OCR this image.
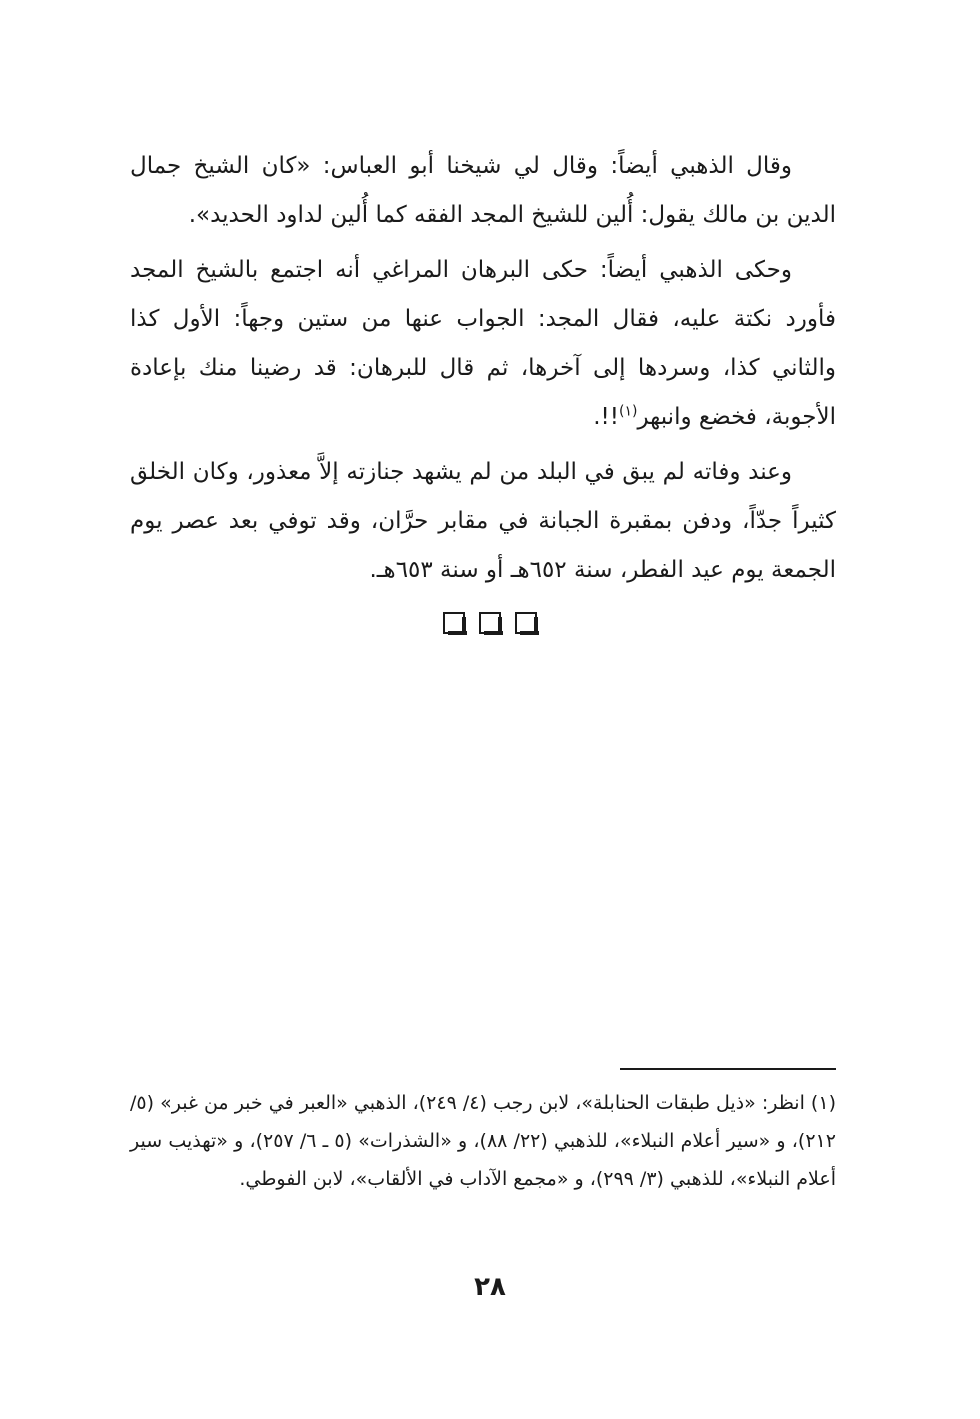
وقال الذهبي أيضاً: وقال لي شيخنا أبو العباس: «كان الشيخ جمال الدين بن مالك يقول: أُلين للشيخ المجد الفقه كما أُلين لداود الحديد».

وحكى الذهبي أيضاً: حكى البرهان المراغي أنه اجتمع بالشيخ المجد فأورد نكتة عليه، فقال المجد: الجواب عنها من ستين وجهاً: الأول كذا والثاني كذا، وسردها إلى آخرها، ثم قال للبرهان: قد رضينا منك بإعادة الأجوبة، فخضع وانبهر$^{(١)}$!!.

وعند وفاته لم يبق في البلد من لم يشهد جنازته إلاَّ معذور، وكان الخلق كثيراً جدّاً، ودفن بمقبرة الجبانة في مقابر حرَّان، وقد توفي بعد عصر يوم الجمعة يوم عيد الفطر، سنة ٦٥٢هـ أو سنة ٦٥٣هـ.

(١) انظر: «ذيل طبقات الحنابلة»، لابن رجب (٤/ ٢٤٩)، الذهبي «العبر في خبر من غبر» (٥/ ٢١٢)، و «سير أعلام النبلاء»، للذهبي (٢٢/ ٨٨)، و «الشذرات» (٥ ـ ٦/ ٢٥٧)، و «تهذيب سير أعلام النبلاء»، للذهبي (٣/ ٢٩٩)، و «مجمع الآداب في الألقاب»، لابن الفوطي.

٢٨
